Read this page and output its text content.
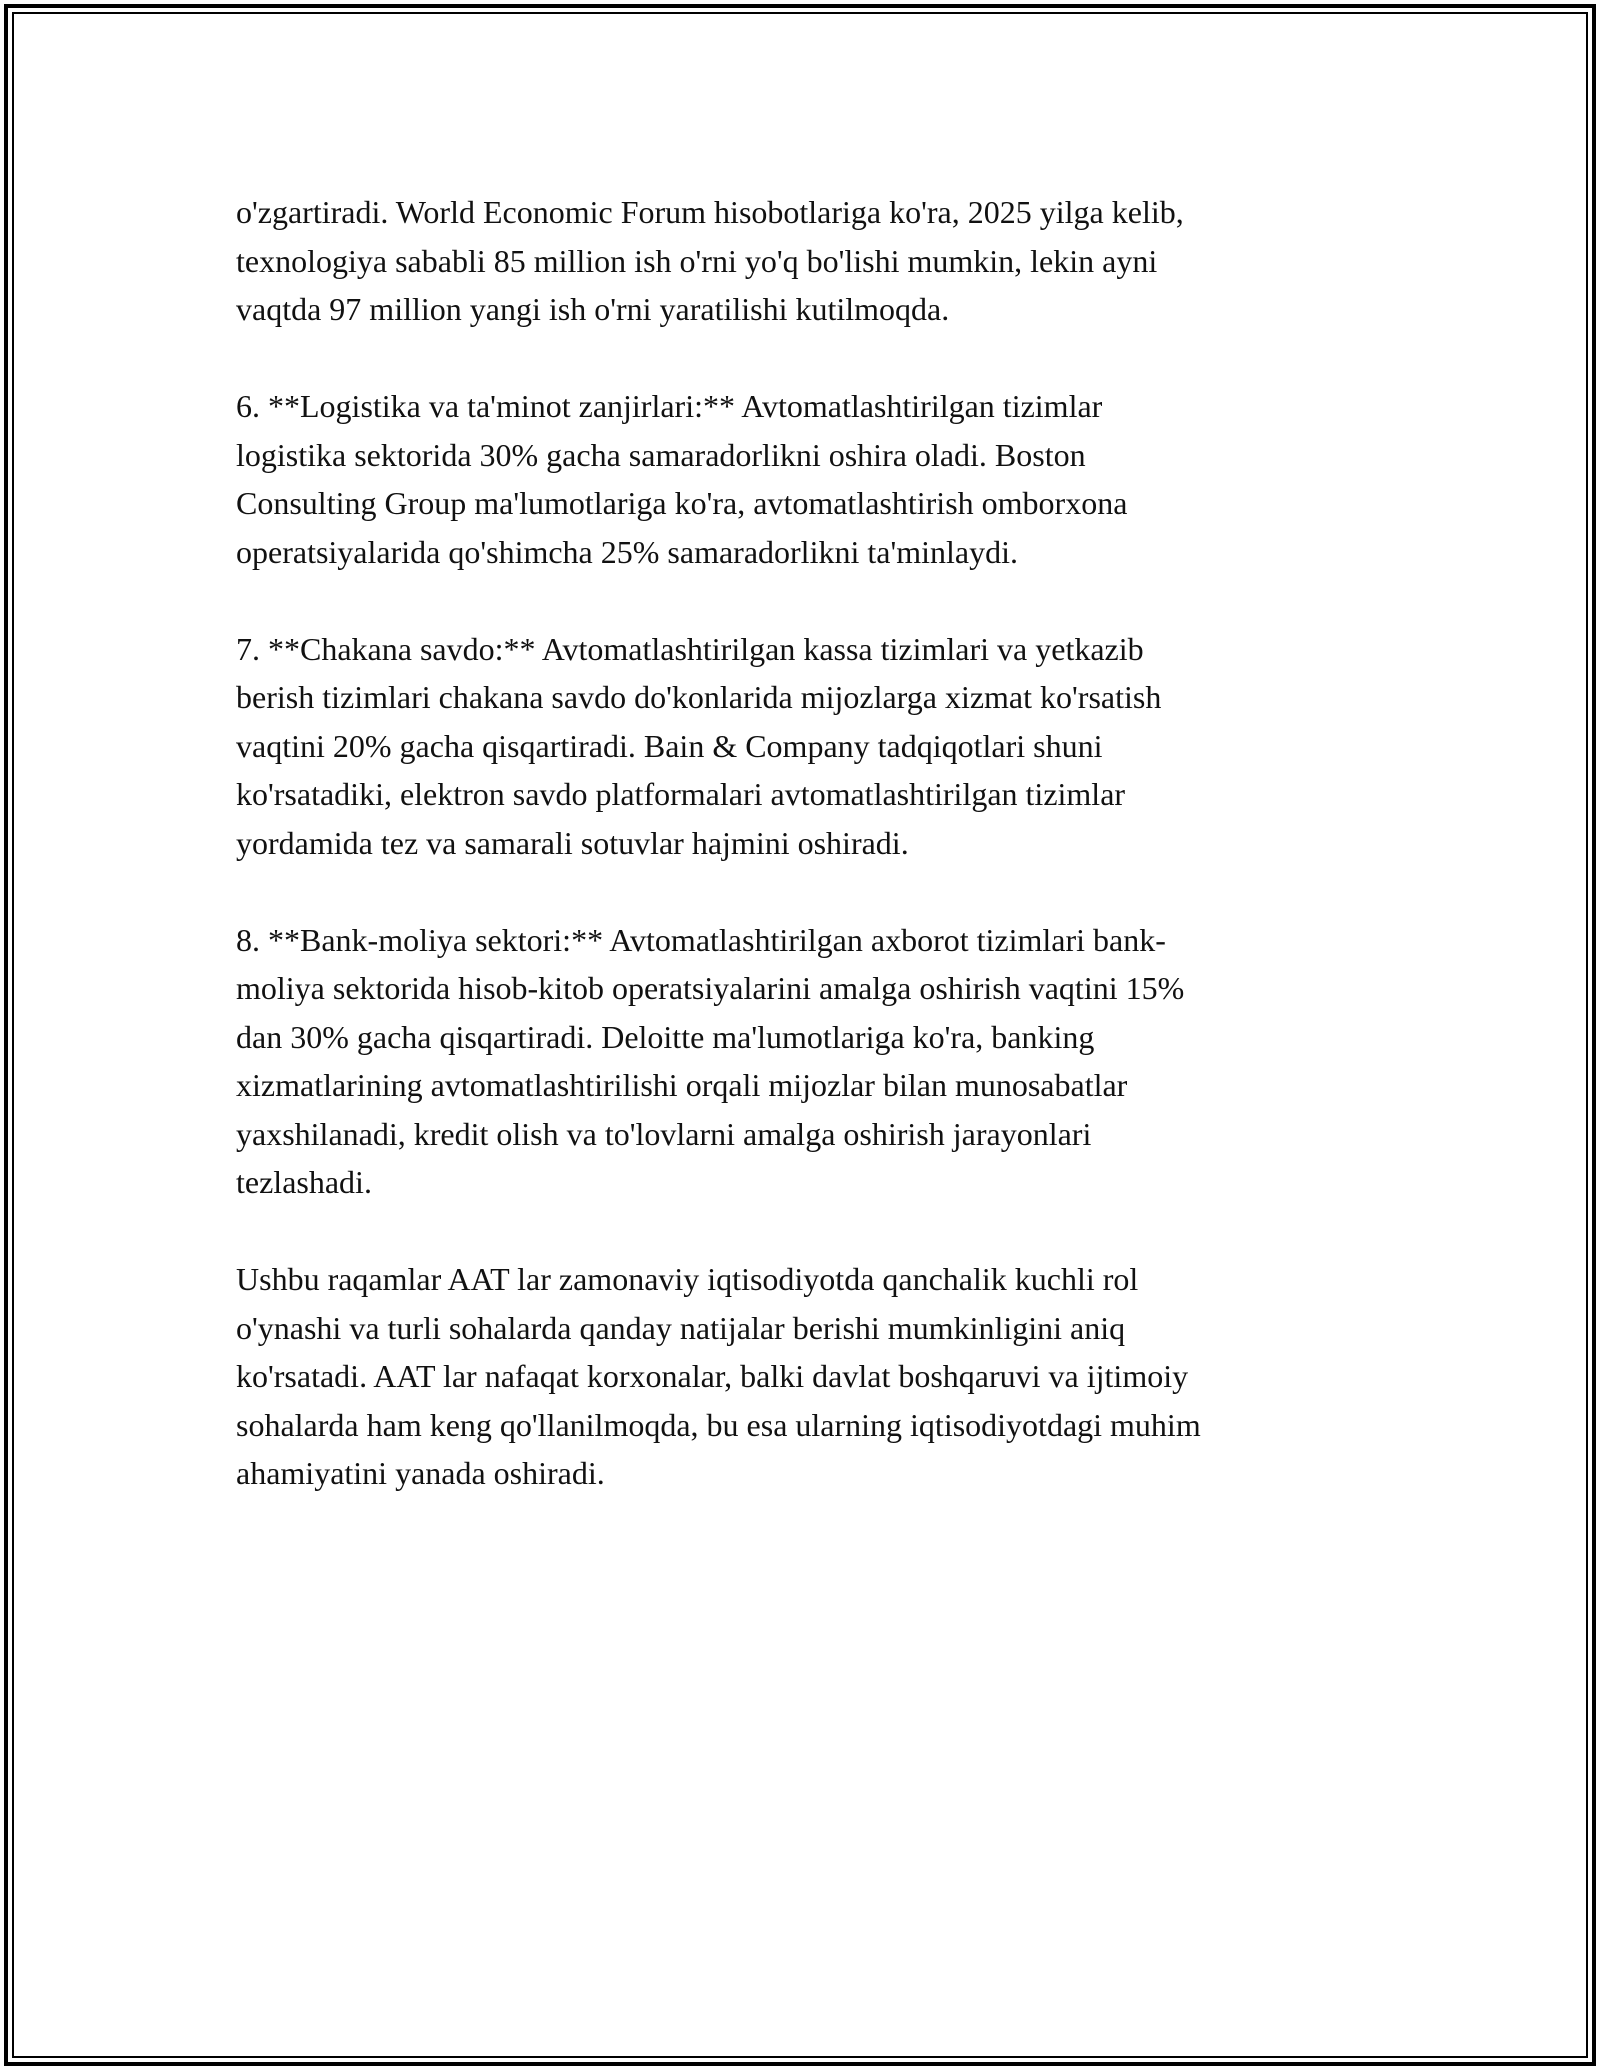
o'zgartiradi. World Economic Forum hisobotlariga ko'ra, 2025 yilga kelib,
texnologiya sababli 85 million ish o'rni yo'q bo'lishi mumkin, lekin ayni
vaqtda 97 million yangi ish o'rni yaratilishi kutilmoqda.

6. **Logistika va ta'minot zanjirlari:** Avtomatlashtirilgan tizimlar
logistika sektorida 30% gacha samaradorlikni oshira oladi. Boston
Consulting Group ma'lumotlariga ko'ra, avtomatlashtirish omborxona
operatsiyalarida qo'shimcha 25% samaradorlikni ta'minlaydi.

7. **Chakana savdo:** Avtomatlashtirilgan kassa tizimlari va yetkazib
berish tizimlari chakana savdo do'konlarida mijozlarga xizmat ko'rsatish
vaqtini 20% gacha qisqartiradi. Bain & Company tadqiqotlari shuni
ko'rsatadiki, elektron savdo platformalari avtomatlashtirilgan tizimlar
yordamida tez va samarali sotuvlar hajmini oshiradi.

8. **Bank-moliya sektori:** Avtomatlashtirilgan axborot tizimlari bank-
moliya sektorida hisob-kitob operatsiyalarini amalga oshirish vaqtini 15%
dan 30% gacha qisqartiradi. Deloitte ma'lumotlariga ko'ra, banking
xizmatlarining avtomatlashtirilishi orqali mijozlar bilan munosabatlar
yaxshilanadi, kredit olish va to'lovlarni amalga oshirish jarayonlari
tezlashadi.

Ushbu raqamlar AAT lar zamonaviy iqtisodiyotda qanchalik kuchli rol
o'ynashi va turli sohalarda qanday natijalar berishi mumkinligini aniq
ko'rsatadi. AAT lar nafaqat korxonalar, balki davlat boshqaruvi va ijtimoiy
sohalarda ham keng qo'llanilmoqda, bu esa ularning iqtisodiyotdagi muhim
ahamiyatini yanada oshiradi.
